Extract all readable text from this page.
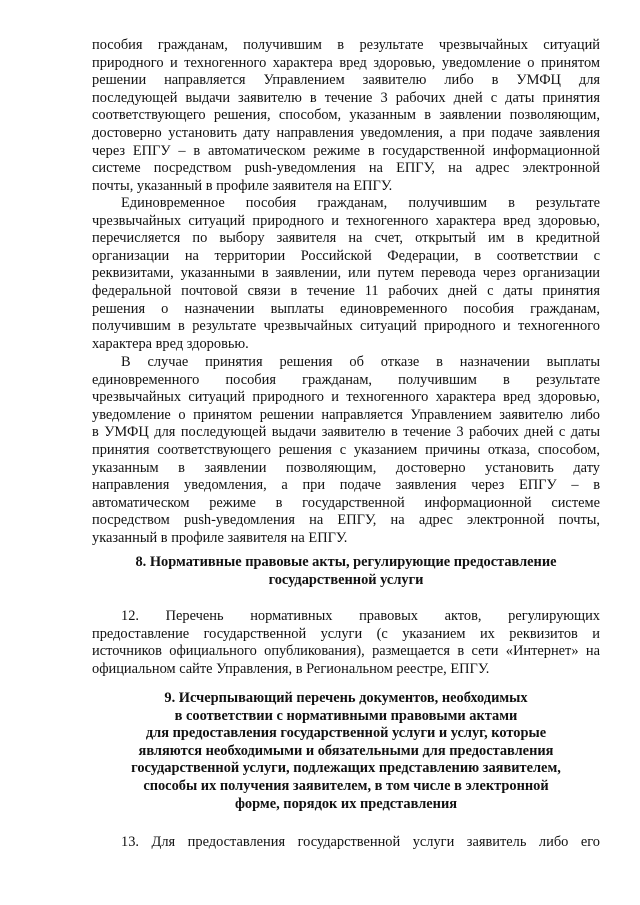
пособия гражданам, получившим в результате чрезвычайных ситуаций
природного и техногенного характера вред здоровью, уведомление о принятом
решении направляется Управлением заявителю либо в УМФЦ для
последующей выдачи заявителю в течение 3 рабочих дней с даты принятия
соответствующего решения, способом, указанным в заявлении позволяющим,
достоверно установить дату направления уведомления, а при подаче заявления
через ЕПГУ – в автоматическом режиме в государственной информационной
системе посредством push-уведомления на ЕПГУ, на адрес электронной
почты, указанный в профиле заявителя на ЕПГУ.
Единовременное пособия гражданам, получившим в результате
чрезвычайных ситуаций природного и техногенного характера вред здоровью,
перечисляется по выбору заявителя на счет, открытый им в кредитной
организации на территории Российской Федерации, в соответствии с
реквизитами, указанными в заявлении, или путем перевода через организации
федеральной почтовой связи в течение 11 рабочих дней с даты принятия
решения о назначении выплаты единовременного пособия гражданам,
получившим в результате чрезвычайных ситуаций природного и техногенного
характера вред здоровью.
В случае принятия решения об отказе в назначении выплаты
единовременного пособия гражданам, получившим в результате
чрезвычайных ситуаций природного и техногенного характера вред здоровью,
уведомление о принятом решении направляется Управлением заявителю либо
в УМФЦ для последующей выдачи заявителю в течение 3 рабочих дней с даты
принятия соответствующего решения с указанием причины отказа, способом,
указанным в заявлении позволяющим, достоверно установить дату
направления уведомления, а при подаче заявления через ЕПГУ – в
автоматическом режиме в государственной информационной системе
посредством push-уведомления на ЕПГУ, на адрес электронной почты,
указанный в профиле заявителя на ЕПГУ.
8. Нормативные правовые акты, регулирующие предоставление
государственной услуги
12. Перечень нормативных правовых актов, регулирующих
предоставление государственной услуги (с указанием их реквизитов и
источников официального опубликования), размещается в сети «Интернет» на
официальном сайте Управления, в Региональном реестре, ЕПГУ.
9. Исчерпывающий перечень документов, необходимых
в соответствии с нормативными правовыми актами
для предоставления государственной услуги и услуг, которые
являются необходимыми и обязательными для предоставления
государственной услуги, подлежащих представлению заявителем,
способы их получения заявителем, в том числе в электронной
форме, порядок их представления
13. Для предоставления государственной услуги заявитель либо его
